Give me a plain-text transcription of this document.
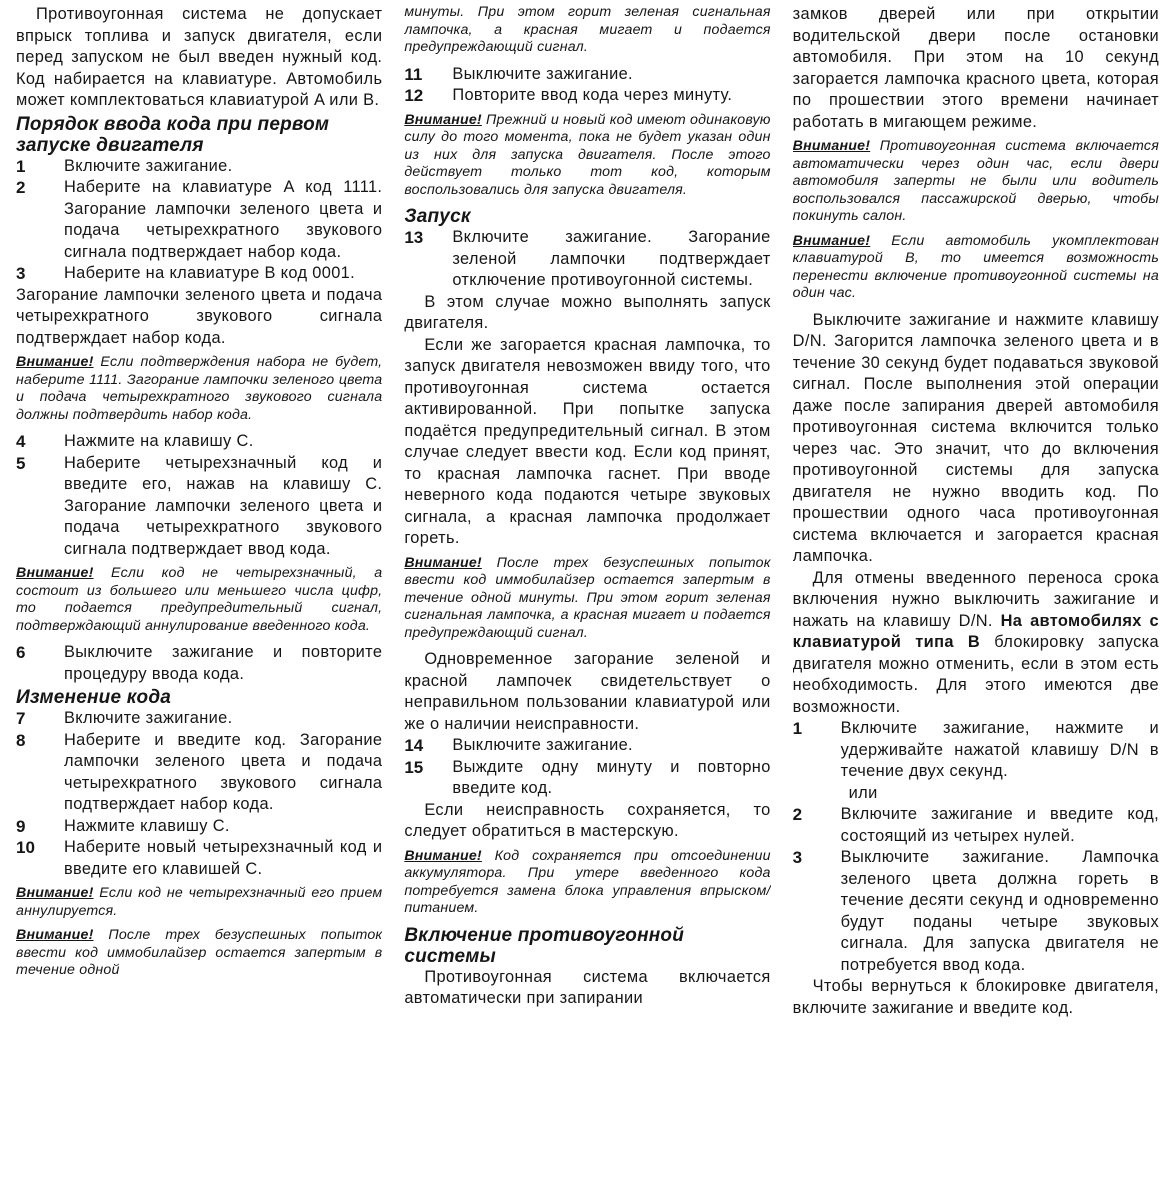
Противоугонная система не допускает впрыск топлива и запуск двигателя, если перед запуском не был введен нужный код. Код набирается на клавиатуре. Автомобиль может комплектоваться клавиатурой A или B.

Порядок ввода кода при первом запуске двигателя
1	Включите зажигание.
2	Наберите на клавиатуре A код 1111. Загорание лампочки зеленого цвета и подача четырехкратного звукового сигнала подтверждает набор кода.
3	Наберите на клавиатуре B код 0001.

Загорание лампочки зеленого цвета и подача четырехкратного звукового сигнала подтверждает набор кода.

Внимание! Если подтверждения набора не будет, наберите 1111. Загорание лампочки зеленого цвета и подача четырехкратного звукового сигнала должны подтвердить набор кода.

4	Нажмите на клавишу C.
5	Наберите четырехзначный код и введите его, нажав на клавишу C. Загорание лампочки зеленого цвета и подача четырехкратного звукового сигнала подтверждает ввод кода.

Внимание! Если код не четырехзначный, а состоит из большего или меньшего числа цифр, то подается предупредительный сигнал, подтверждающий аннулирование введенного кода.

6	Выключите зажигание и повторите процедуру ввода кода.
Изменение кода
7	Включите зажигание.
8	Наберите и введите код. Загорание лампочки зеленого цвета и подача четырехкратного звукового сигнала подтверждает набор кода.
9	Нажмите клавишу C.
10	Наберите новый четырехзначный код и введите его клавишей C.

Внимание! Если код не четырехзначный его прием аннулируется.

Внимание! После трех безуспешных попыток ввести код иммобилайзер остается запертым в течение одной

минуты. При этом горит зеленая сигнальная лампочка, а красная мигает и подается предупреждающий сигнал.

11	Выключите зажигание.
12	Повторите ввод кода через минуту.

Внимание! Прежний и новый код имеют одинаковую силу до того момента, пока не будет указан один из них для запуска двигателя. После этого действует только тот код, которым воспользовались для запуска двигателя.

Запуск
13	Включите зажигание. Загорание зеленой лампочки подтверждает отключение противоугонной системы.

В этом случае можно выполнять запуск двигателя.

Если же загорается красная лампочка, то запуск двигателя невозможен ввиду того, что противоугонная система остается активированной. При попытке запуска подаётся предупредительный сигнал. В этом случае следует ввести код. Если код принят, то красная лампочка гаснет. При вводе неверного кода подаются четыре звуковых сигнала, а красная лампочка продолжает гореть.

Внимание! После трех безуспешных попыток ввести код иммобилайзер остается запертым в течение одной минуты. При этом горит зеленая сигнальная лампочка, а красная мигает и подается предупреждающий сигнал.

Одновременное загорание зеленой и красной лампочек свидетельствует о неправильном пользовании клавиатурой или же о наличии неисправности.

14	Выключите зажигание.
15	Выждите одну минуту и повторно введите код.

Если неисправность сохраняется, то следует обратиться в мастерскую.

Внимание! Код сохраняется при отсоединении аккумулятора. При утере введенного кода потребуется замена блока управления впрыском/питанием.

Включение противоугонной системы

Противоугонная система включается автоматически при запирании

замков дверей или при открытии водительской двери после остановки автомобиля. При этом на 10 секунд загорается лампочка красного цвета, которая по прошествии этого времени начинает работать в мигающем режиме.

Внимание! Противоугонная система включается автоматически через один час, если двери автомобиля заперты не были или водитель воспользовался пассажирской дверью, чтобы покинуть салон.

Внимание! Если автомобиль укомплектован клавиатурой B, то имеется возможность перенести включение противоугонной системы на один час.

Выключите зажигание и нажмите клавишу D/N. Загорится лампочка зеленого цвета и в течение 30 секунд будет подаваться звуковой сигнал. После выполнения этой операции даже после запирания дверей автомобиля противоугонная система включится только через час. Это значит, что до включения противоугонной системы для запуска двигателя не нужно вводить код. По прошествии одного часа противоугонная система включается и загорается красная лампочка.

Для отмены введенного переноса срока включения нужно выключить зажигание и нажать на клавишу D/N. На автомобилях с клавиатурой типа B блокировку запуска двигателя можно отменить, если в этом есть необходимость. Для этого имеются две возможности.

1	Включите зажигание, нажмите и удерживайте нажатой клавишу D/N в течение двух секунд.

или

2	Включите зажигание и введите код, состоящий из четырех нулей.
3	Выключите зажигание. Лампочка зеленого цвета должна гореть в течение десяти секунд и одновременно будут поданы четыре звуковых сигнала. Для запуска двигателя не потребуется ввод кода.

Чтобы вернуться к блокировке двигателя, включите зажигание и введите код.
